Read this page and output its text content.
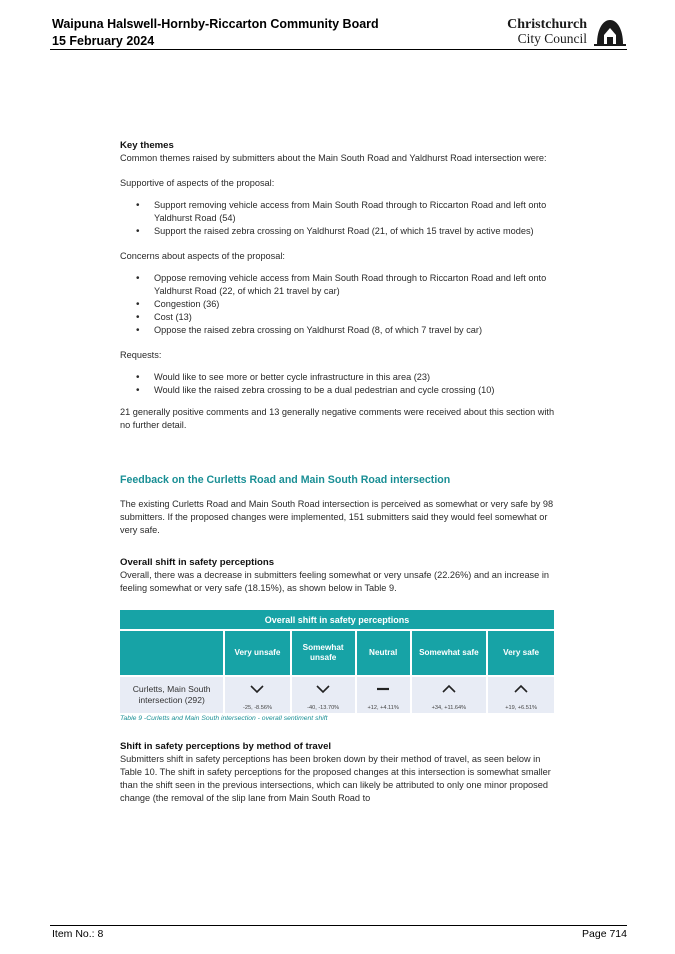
Waipuna Halswell-Hornby-Riccarton Community Board
15 February 2024
Christchurch
City Council

Key themes

Common themes raised by submitters about the Main South Road and Yaldhurst Road intersection were:

Supportive of aspects of the proposal:

• Support removing vehicle access from Main South Road through to Riccarton Road and left onto Yaldhurst Road (54)
• Support the raised zebra crossing on Yaldhurst Road (21, of which 15 travel by active modes)

Concerns about aspects of the proposal:

• Oppose removing vehicle access from Main South Road through to Riccarton Road and left onto Yaldhurst Road (22, of which 21 travel by car)
• Congestion (36)
• Cost (13)
• Oppose the raised zebra crossing on Yaldhurst Road (8, of which 7 travel by car)

Requests:

• Would like to see more or better cycle infrastructure in this area (23)
• Would like the raised zebra crossing to be a dual pedestrian and cycle crossing (10)

21 generally positive comments and 13 generally negative comments were received about this section with no further detail.

Feedback on the Curletts Road and Main South Road intersection

The existing Curletts Road and Main South Road intersection is perceived as somewhat or very safe by 98 submitters. If the proposed changes were implemented, 151 submitters said they would feel somewhat or very safe.

Overall shift in safety perceptions

Overall, there was a decrease in submitters feeling somewhat or very unsafe (22.26%) and an increase in feeling somewhat or very safe (18.15%), as shown below in Table 9.

Overall shift in safety perceptions					
	Very unsafe	Somewhat unsafe	Neutral	Somewhat safe	Very safe
Curletts, Main South intersection (292)	-25, -8.56%	-40, -13.70%	+12, +4.11%	+34, +11.64%	+19, +6.51%
Table 9 -Curletts and Main South intersection - overall sentiment shift

Shift in safety perceptions by method of travel

Submitters shift in safety perceptions has been broken down by their method of travel, as seen below in Table 10. The shift in safety perceptions for the proposed changes at this intersection is somewhat smaller than the shift seen in the previous intersections, which can likely be attributed to only one minor proposed change (the removal of the slip lane from Main South Road to

Item No.: 8	Page 714
